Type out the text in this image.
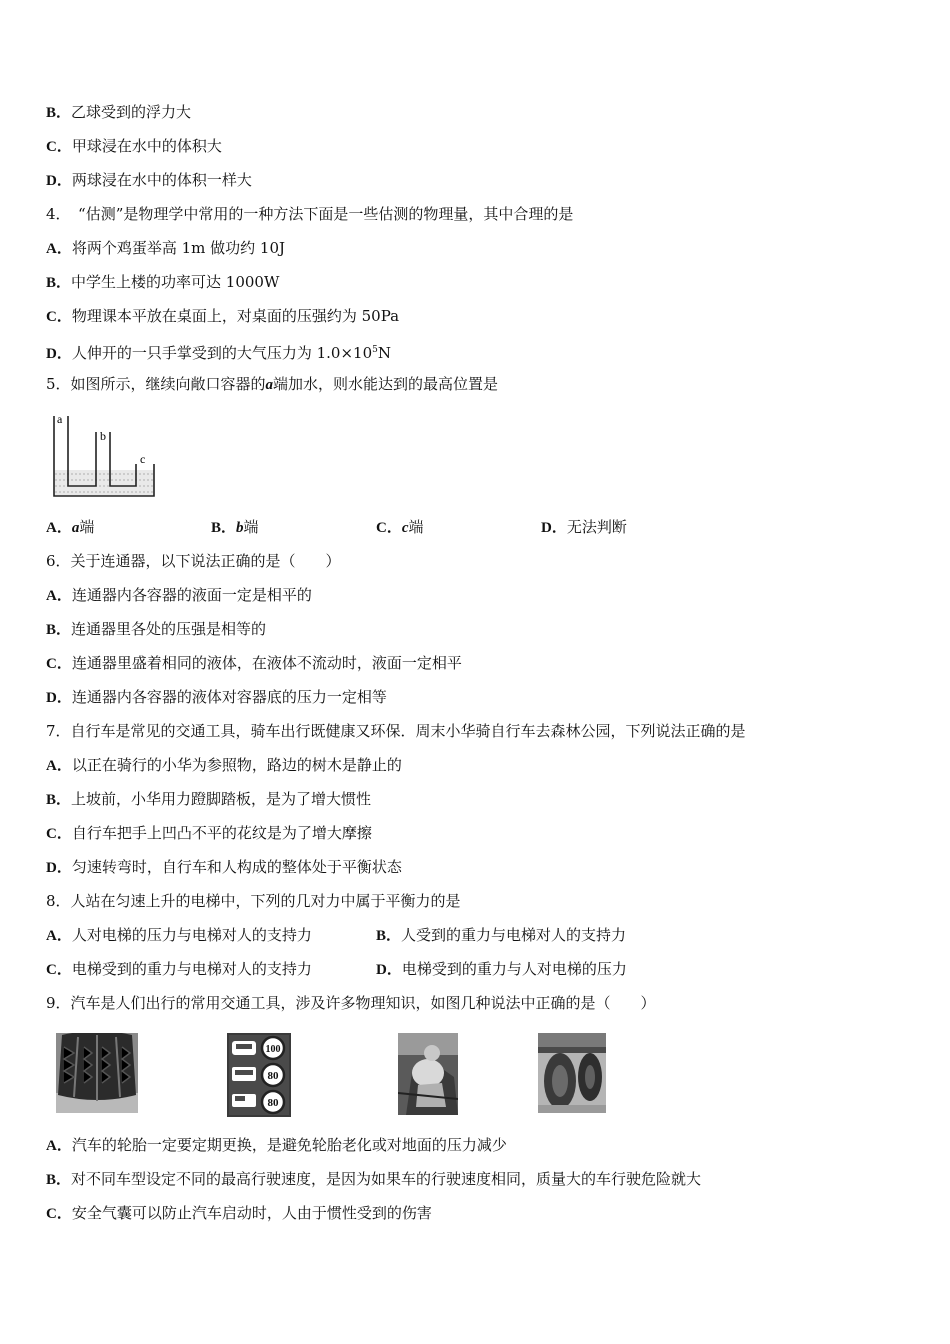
B．乙球受到的浮力大
C．甲球浸在水中的体积大
D．两球浸在水中的体积一样大
4．　“估测”是物理学中常用的一种方法下面是一些估测的物理量，其中合理的是
A．将两个鸡蛋举高 1m 做功约 10J
B．中学生上楼的功率可达 1000W
C．物理课本平放在桌面上，对桌面的压强约为 50Pa
D．人伸开的一只手掌受到的大气压力为 $1.0\times 10^5N$
5．如图所示，继续向敞口容器的a端加水，则水能达到的最高位置是
a
b
c
A．a端	B．b端	C．c端	D．无法判断
6．关于连通器，以下说法正确的是（　　）
A．连通器内各容器的液面一定是相平的
B．连通器里各处的压强是相等的
C．连通器里盛着相同的液体，在液体不流动时，液面一定相平
D．连通器内各容器的液体对容器底的压力一定相等
7．自行车是常见的交通工具，骑车出行既健康又环保．周末小华骑自行车去森林公园，下列说法正确的是
A．以正在骑行的小华为参照物，路边的树木是静止的
B．上坡前，小华用力蹬脚踏板，是为了增大惯性
C．自行车把手上凹凸不平的花纹是为了增大摩擦
D．匀速转弯时，自行车和人构成的整体处于平衡状态
8．人站在匀速上升的电梯中，下列的几对力中属于平衡力的是
A．人对电梯的压力与电梯对人的支持力	B．人受到的重力与电梯对人的支持力
C．电梯受到的重力与电梯对人的支持力	D．电梯受到的重力与人对电梯的压力
9．汽车是人们出行的常用交通工具，涉及许多物理知识，如图几种说法中正确的是（　　）
100
80
80
A．汽车的轮胎一定要定期更换，是避免轮胎老化或对地面的压力减少
B．对不同车型设定不同的最高行驶速度，是因为如果车的行驶速度相同，质量大的车行驶危险就大
C．安全气囊可以防止汽车启动时，人由于惯性受到的伤害
